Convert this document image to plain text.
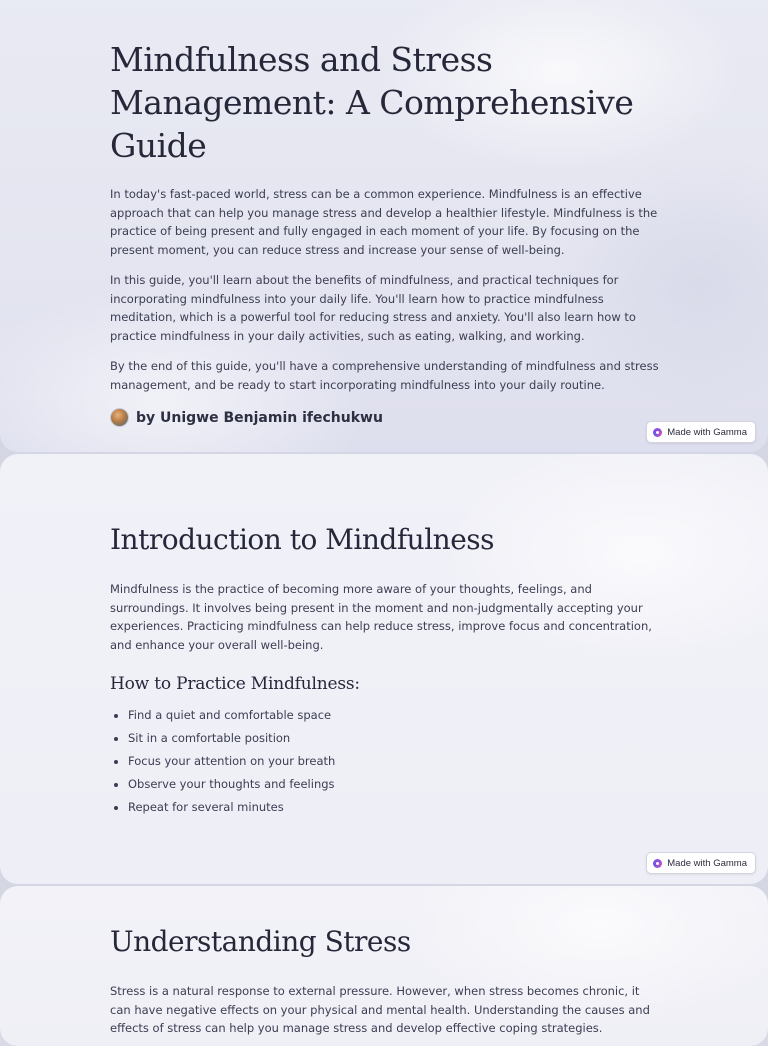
Mindfulness and Stress Management: A Comprehensive Guide

In today's fast-paced world, stress can be a common experience. Mindfulness is an effective approach that can help you manage stress and develop a healthier lifestyle. Mindfulness is the practice of being present and fully engaged in each moment of your life. By focusing on the present moment, you can reduce stress and increase your sense of well-being.

In this guide, you'll learn about the benefits of mindfulness, and practical techniques for incorporating mindfulness into your daily life. You'll learn how to practice mindfulness meditation, which is a powerful tool for reducing stress and anxiety. You'll also learn how to practice mindfulness in your daily activities, such as eating, walking, and working.

By the end of this guide, you'll have a comprehensive understanding of mindfulness and stress management, and be ready to start incorporating mindfulness into your daily routine.

by Unigwe Benjamin ifechukwu
Made with Gamma
Introduction to Mindfulness

Mindfulness is the practice of becoming more aware of your thoughts, feelings, and surroundings. It involves being present in the moment and non-judgmentally accepting your experiences. Practicing mindfulness can help reduce stress, improve focus and concentration, and enhance your overall well-being.

How to Practice Mindfulness:
• Find a quiet and comfortable space
• Sit in a comfortable position
• Focus your attention on your breath
• Observe your thoughts and feelings
• Repeat for several minutes
Made with Gamma
Understanding Stress

Stress is a natural response to external pressure. However, when stress becomes chronic, it can have negative effects on your physical and mental health. Understanding the causes and effects of stress can help you manage stress and develop effective coping strategies.
